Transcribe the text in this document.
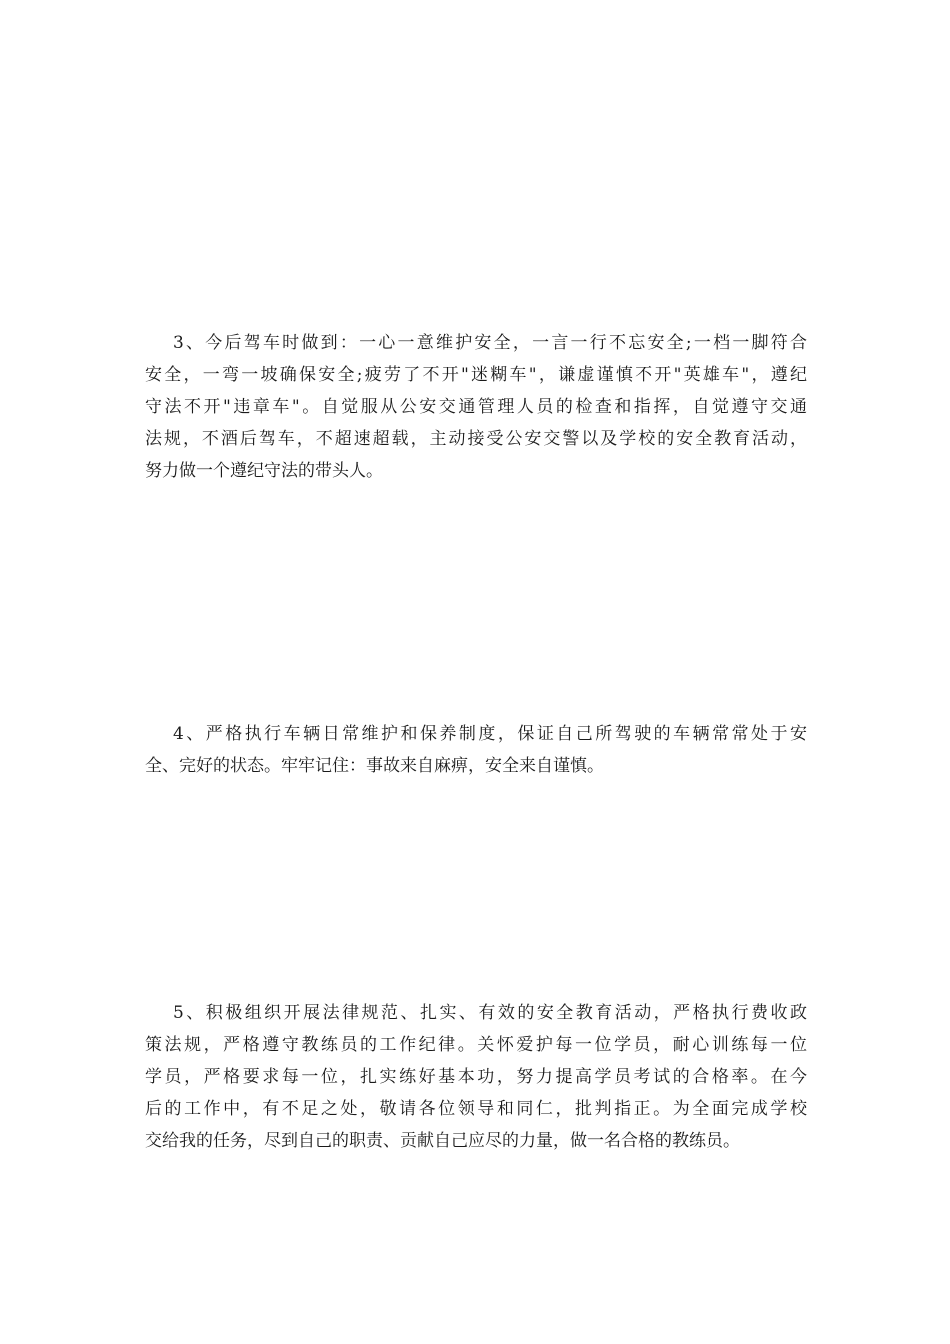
3、今后驾车时做到：一心一意维护安全，一言一行不忘安全;一档一脚符合
安全，一弯一坡确保安全;疲劳了不开"迷糊车"，谦虚谨慎不开"英雄车"，遵纪
守法不开"违章车"。自觉服从公安交通管理人员的检查和指挥，自觉遵守交通
法规，不酒后驾车，不超速超载，主动接受公安交警以及学校的安全教育活动，
努力做一个遵纪守法的带头人。

4、严格执行车辆日常维护和保养制度，保证自己所驾驶的车辆常常处于安
全、完好的状态。牢牢记住：事故来自麻痹，安全来自谨慎。

5、积极组织开展法律规范、扎实、有效的安全教育活动，严格执行费收政
策法规，严格遵守教练员的工作纪律。关怀爱护每一位学员，耐心训练每一位
学员，严格要求每一位，扎实练好基本功，努力提高学员考试的合格率。在今
后的工作中，有不足之处，敬请各位领导和同仁，批判指正。为全面完成学校
交给我的任务，尽到自己的职责、贡献自己应尽的力量，做一名合格的教练员。
